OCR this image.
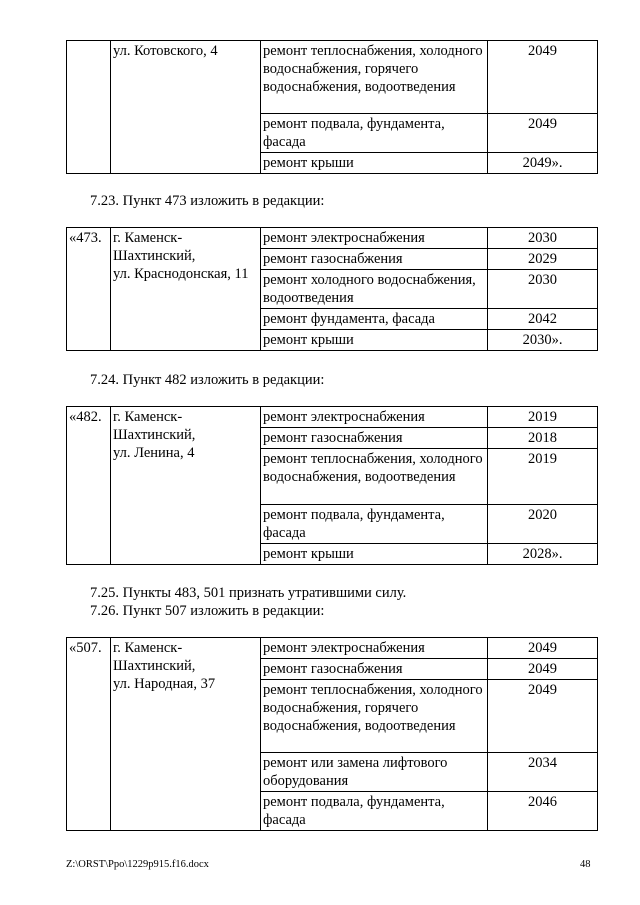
	ул. Котовского, 4	ремонт теплоснабжения, холодного водоснабжения, горячего водоснабжения, водоотведения	2049
		ремонт подвала, фундамента, фасада	2049
		ремонт крыши	2049».
«473.	г. Каменск-
Шахтинский,
ул. Краснодонская, 11	ремонт электроснабжения	2030
		ремонт газоснабжения	2029
		ремонт холодного водоснабжения, водоотведения	2030
		ремонт фундамента, фасада	2042
		ремонт крыши	2030».
«482.	г. Каменск-
Шахтинский,
ул. Ленина, 4	ремонт электроснабжения	2019
		ремонт газоснабжения	2018
		ремонт теплоснабжения, холодного водоснабжения, водоотведения	2019
		ремонт подвала, фундамента, фасада	2020
		ремонт крыши	2028».
«507.	г. Каменск-
Шахтинский,
ул. Народная, 37	ремонт электроснабжения	2049
		ремонт газоснабжения	2049
		ремонт теплоснабжения, холодного водоснабжения, горячего водоснабжения, водоотведения	2049
		ремонт или замена лифтового оборудования	2034
		ремонт подвала, фундамента, фасада	2046
7.23. Пункт 473 изложить в редакции:
7.24. Пункт 482 изложить в редакции:
7.25. Пункты 483, 501 признать утратившими силу.
7.26. Пункт 507 изложить в редакции:
Z:\ORST\Ppo\1229p915.f16.docx	48
